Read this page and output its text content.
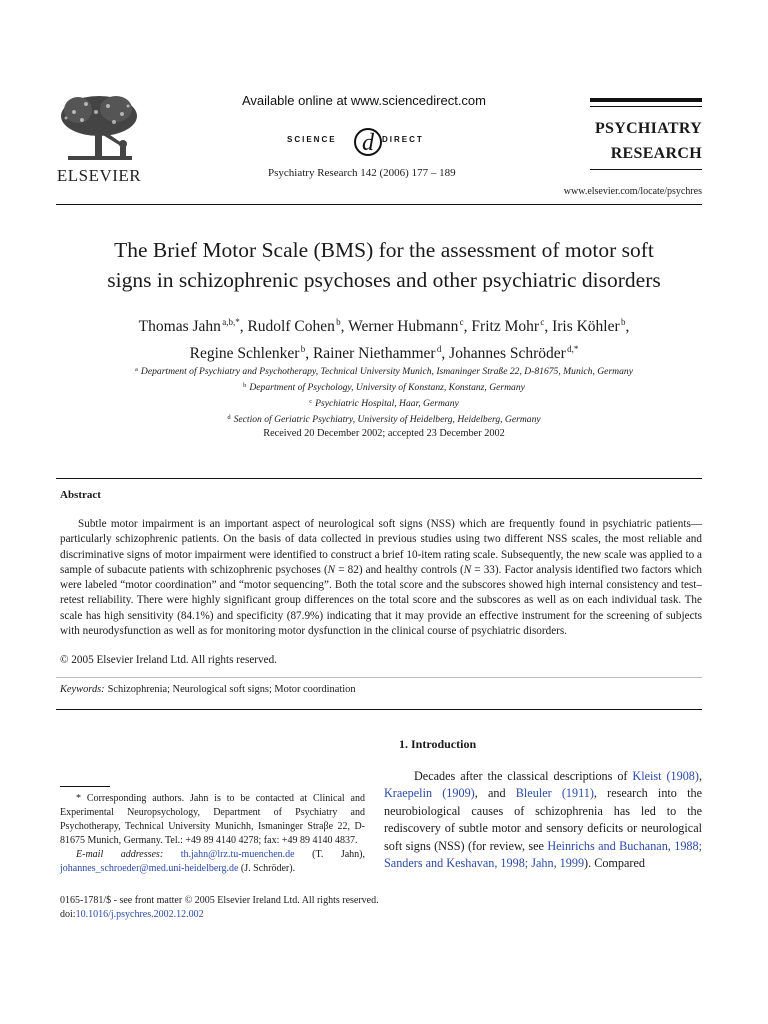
ELSEVIER
Available online at www.sciencedirect.com
d
SCIENCE	DIRECT
Psychiatry Research 142 (2006) 177 – 189
PSYCHIATRY
RESEARCH
www.elsevier.com/locate/psychres
The Brief Motor Scale (BMS) for the assessment of motor soft
signs in schizophrenic psychoses and other psychiatric disorders
Thomas Jahn $^{a,b,*}$, Rudolf Cohen $^b$, Werner Hubmann $^c$, Fritz Mohr $^c$, Iris Köhler $^b$,
Regine Schlenker $^b$, Rainer Niethammer $^d$, Johannes Schröder $^{d,*}$
$^a$ Department of Psychiatry and Psychotherapy, Technical University Munich, Ismaninger Straße 22, D-81675, Munich, Germany
$^b$ Department of Psychology, University of Konstanz, Konstanz, Germany
$^c$ Psychiatric Hospital, Haar, Germany
$^d$ Section of Geriatric Psychiatry, University of Heidelberg, Heidelberg, Germany
Received 20 December 2002; accepted 23 December 2002
Abstract
Subtle motor impairment is an important aspect of neurological soft signs (NSS) which are frequently found in psychiatric patients—particularly schizophrenic patients. On the basis of data collected in previous studies using two different NSS scales, the most reliable and discriminative signs of motor impairment were identified to construct a brief 10-item rating scale. Subsequently, the new scale was applied to a sample of subacute patients with schizophrenic psychoses (N = 82) and healthy controls (N = 33). Factor analysis identified two factors which were labeled “motor coordination” and “motor sequencing”. Both the total score and the subscores showed high internal consistency and test–retest reliability. There were highly significant group differences on the total score and the subscores as well as on each individual task. The scale has high sensitivity (84.1%) and specificity (87.9%) indicating that it may provide an effective instrument for the screening of subjects with neurodysfunction as well as for monitoring motor dysfunction in the clinical course of psychiatric disorders.
© 2005 Elsevier Ireland Ltd. All rights reserved.
Keywords: Schizophrenia; Neurological soft signs; Motor coordination
* Corresponding authors. Jahn is to be contacted at Clinical and Experimental Neuropsychology, Department of Psychiatry and Psychotherapy, Technical University Munichh, Ismaninger Straβe 22, D-81675 Munich, Germany. Tel.: +49 89 4140 4278; fax: +49 89 4140 4837.
E-mail addresses: th.jahn@lrz.tu-muenchen.de (T. Jahn), johannes_schroeder@med.uni-heidelberg.de (J. Schröder).
1. Introduction
Decades after the classical descriptions of Kleist (1908), Kraepelin (1909), and Bleuler (1911), research into the neurobiological causes of schizophrenia has led to the rediscovery of subtle motor and sensory deficits or neurological soft signs (NSS) (for review, see Heinrichs and Buchanan, 1988; Sanders and Keshavan, 1998; Jahn, 1999). Compared
0165-1781/$ - see front matter © 2005 Elsevier Ireland Ltd. All rights reserved.
doi:10.1016/j.psychres.2002.12.002
